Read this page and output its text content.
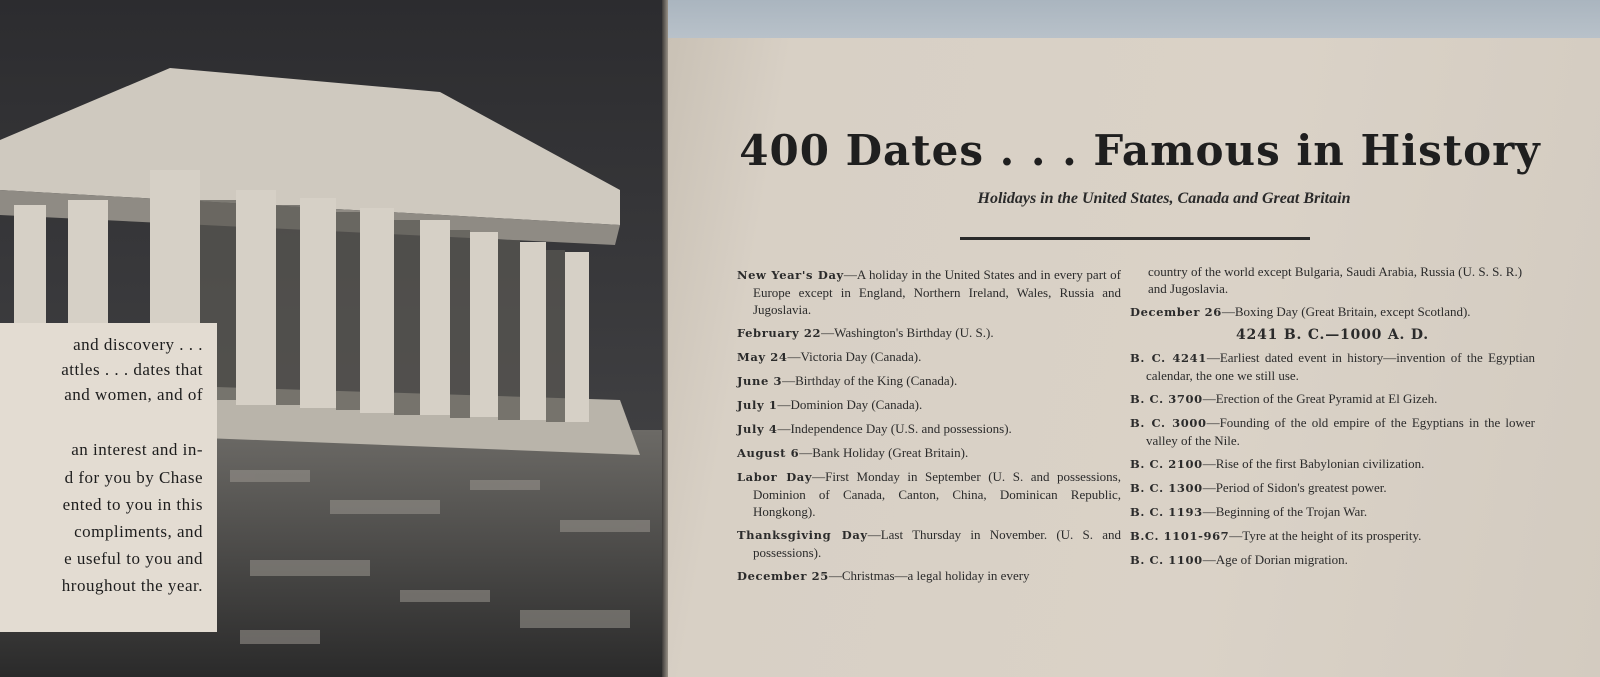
and discovery . . .
attles . . . dates that
and women, and of
an interest and in-
d for you by Chase
ented to you in this
compliments, and
e useful to you and
hroughout the year.
400 Dates . . . Famous in History
Holidays in the United States, Canada and Great Britain
New Year's Day—A holiday in the United States and in every part of Europe except in England, Northern Ireland, Wales, Russia and Jugoslavia.
February 22—Washington's Birthday (U. S.).
May 24—Victoria Day (Canada).
June 3—Birthday of the King (Canada).
July 1—Dominion Day (Canada).
July 4—Independence Day (U.S. and possessions).
August 6—Bank Holiday (Great Britain).
Labor Day—First Monday in September (U. S. and possessions, Dominion of Canada, Canton, China, Dominican Republic, Hongkong).
Thanksgiving Day—Last Thursday in November. (U. S. and possessions).
December 25—Christmas—a legal holiday in every
country of the world except Bulgaria, Saudi Arabia, Russia (U. S. S. R.) and Jugoslavia.
December 26—Boxing Day (Great Britain, except Scotland).
4241 B. C.—1000 A. D.
B. C. 4241—Earliest dated event in history—invention of the Egyptian calendar, the one we still use.
B. C. 3700—Erection of the Great Pyramid at El Gizeh.
B. C. 3000—Founding of the old empire of the Egyptians in the lower valley of the Nile.
B. C. 2100—Rise of the first Babylonian civilization.
B. C. 1300—Period of Sidon's greatest power.
B. C. 1193—Beginning of the Trojan War.
B.C. 1101-967—Tyre at the height of its prosperity.
B. C. 1100—Age of Dorian migration.
